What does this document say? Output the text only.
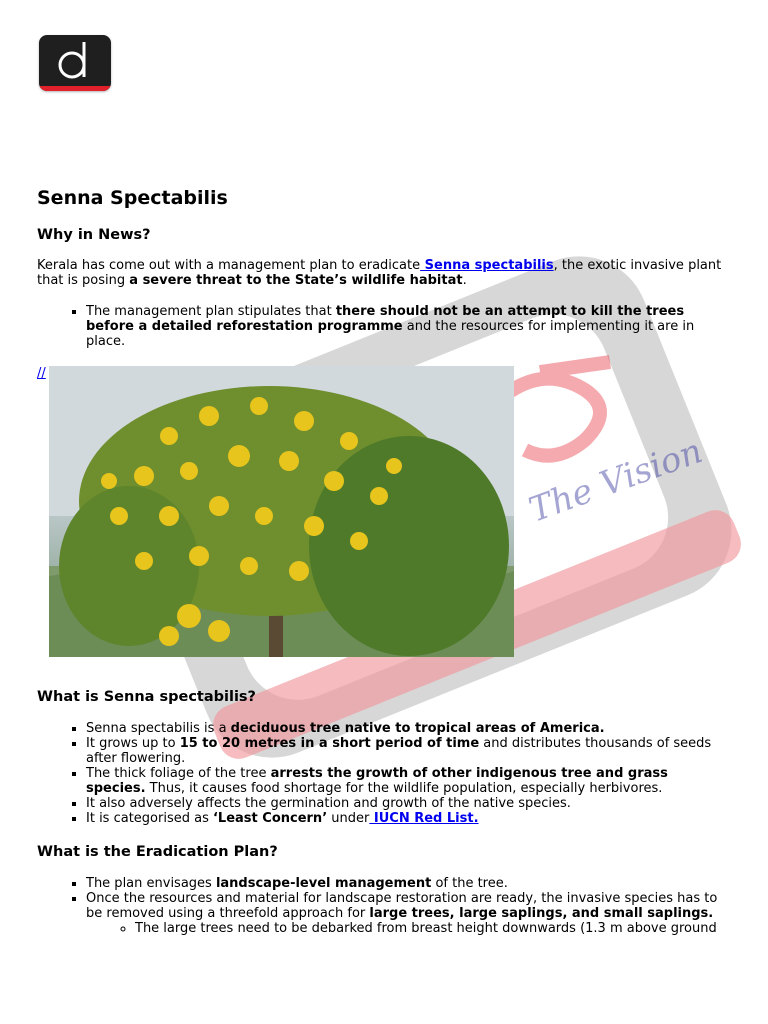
The Vision
Senna Spectabilis
Why in News?

Kerala has come out with a management plan to eradicate Senna spectabilis, the exotic invasive plant that is posing a severe threat to the State’s wildlife habitat.

▪ The management plan stipulates that there should not be an attempt to kill the trees before a detailed reforestation programme and the resources for implementing it are in place.
//
What is Senna spectabilis?
▪ Senna spectabilis is a deciduous tree native to tropical areas of America.
▪ It grows up to 15 to 20 metres in a short period of time and distributes thousands of seeds after flowering.
▪ The thick foliage of the tree arrests the growth of other indigenous tree and grass species. Thus, it causes food shortage for the wildlife population, especially herbivores.
▪ It also adversely affects the germination and growth of the native species.
▪ It is categorised as ‘Least Concern’ under IUCN Red List.
What is the Eradication Plan?
▪ The plan envisages landscape-level management of the tree.
▪ Once the resources and material for landscape restoration are ready, the invasive species has to be removed using a threefold approach for large trees, large saplings, and small saplings.
◦ The large trees need to be debarked from breast height downwards (1.3 m above ground
